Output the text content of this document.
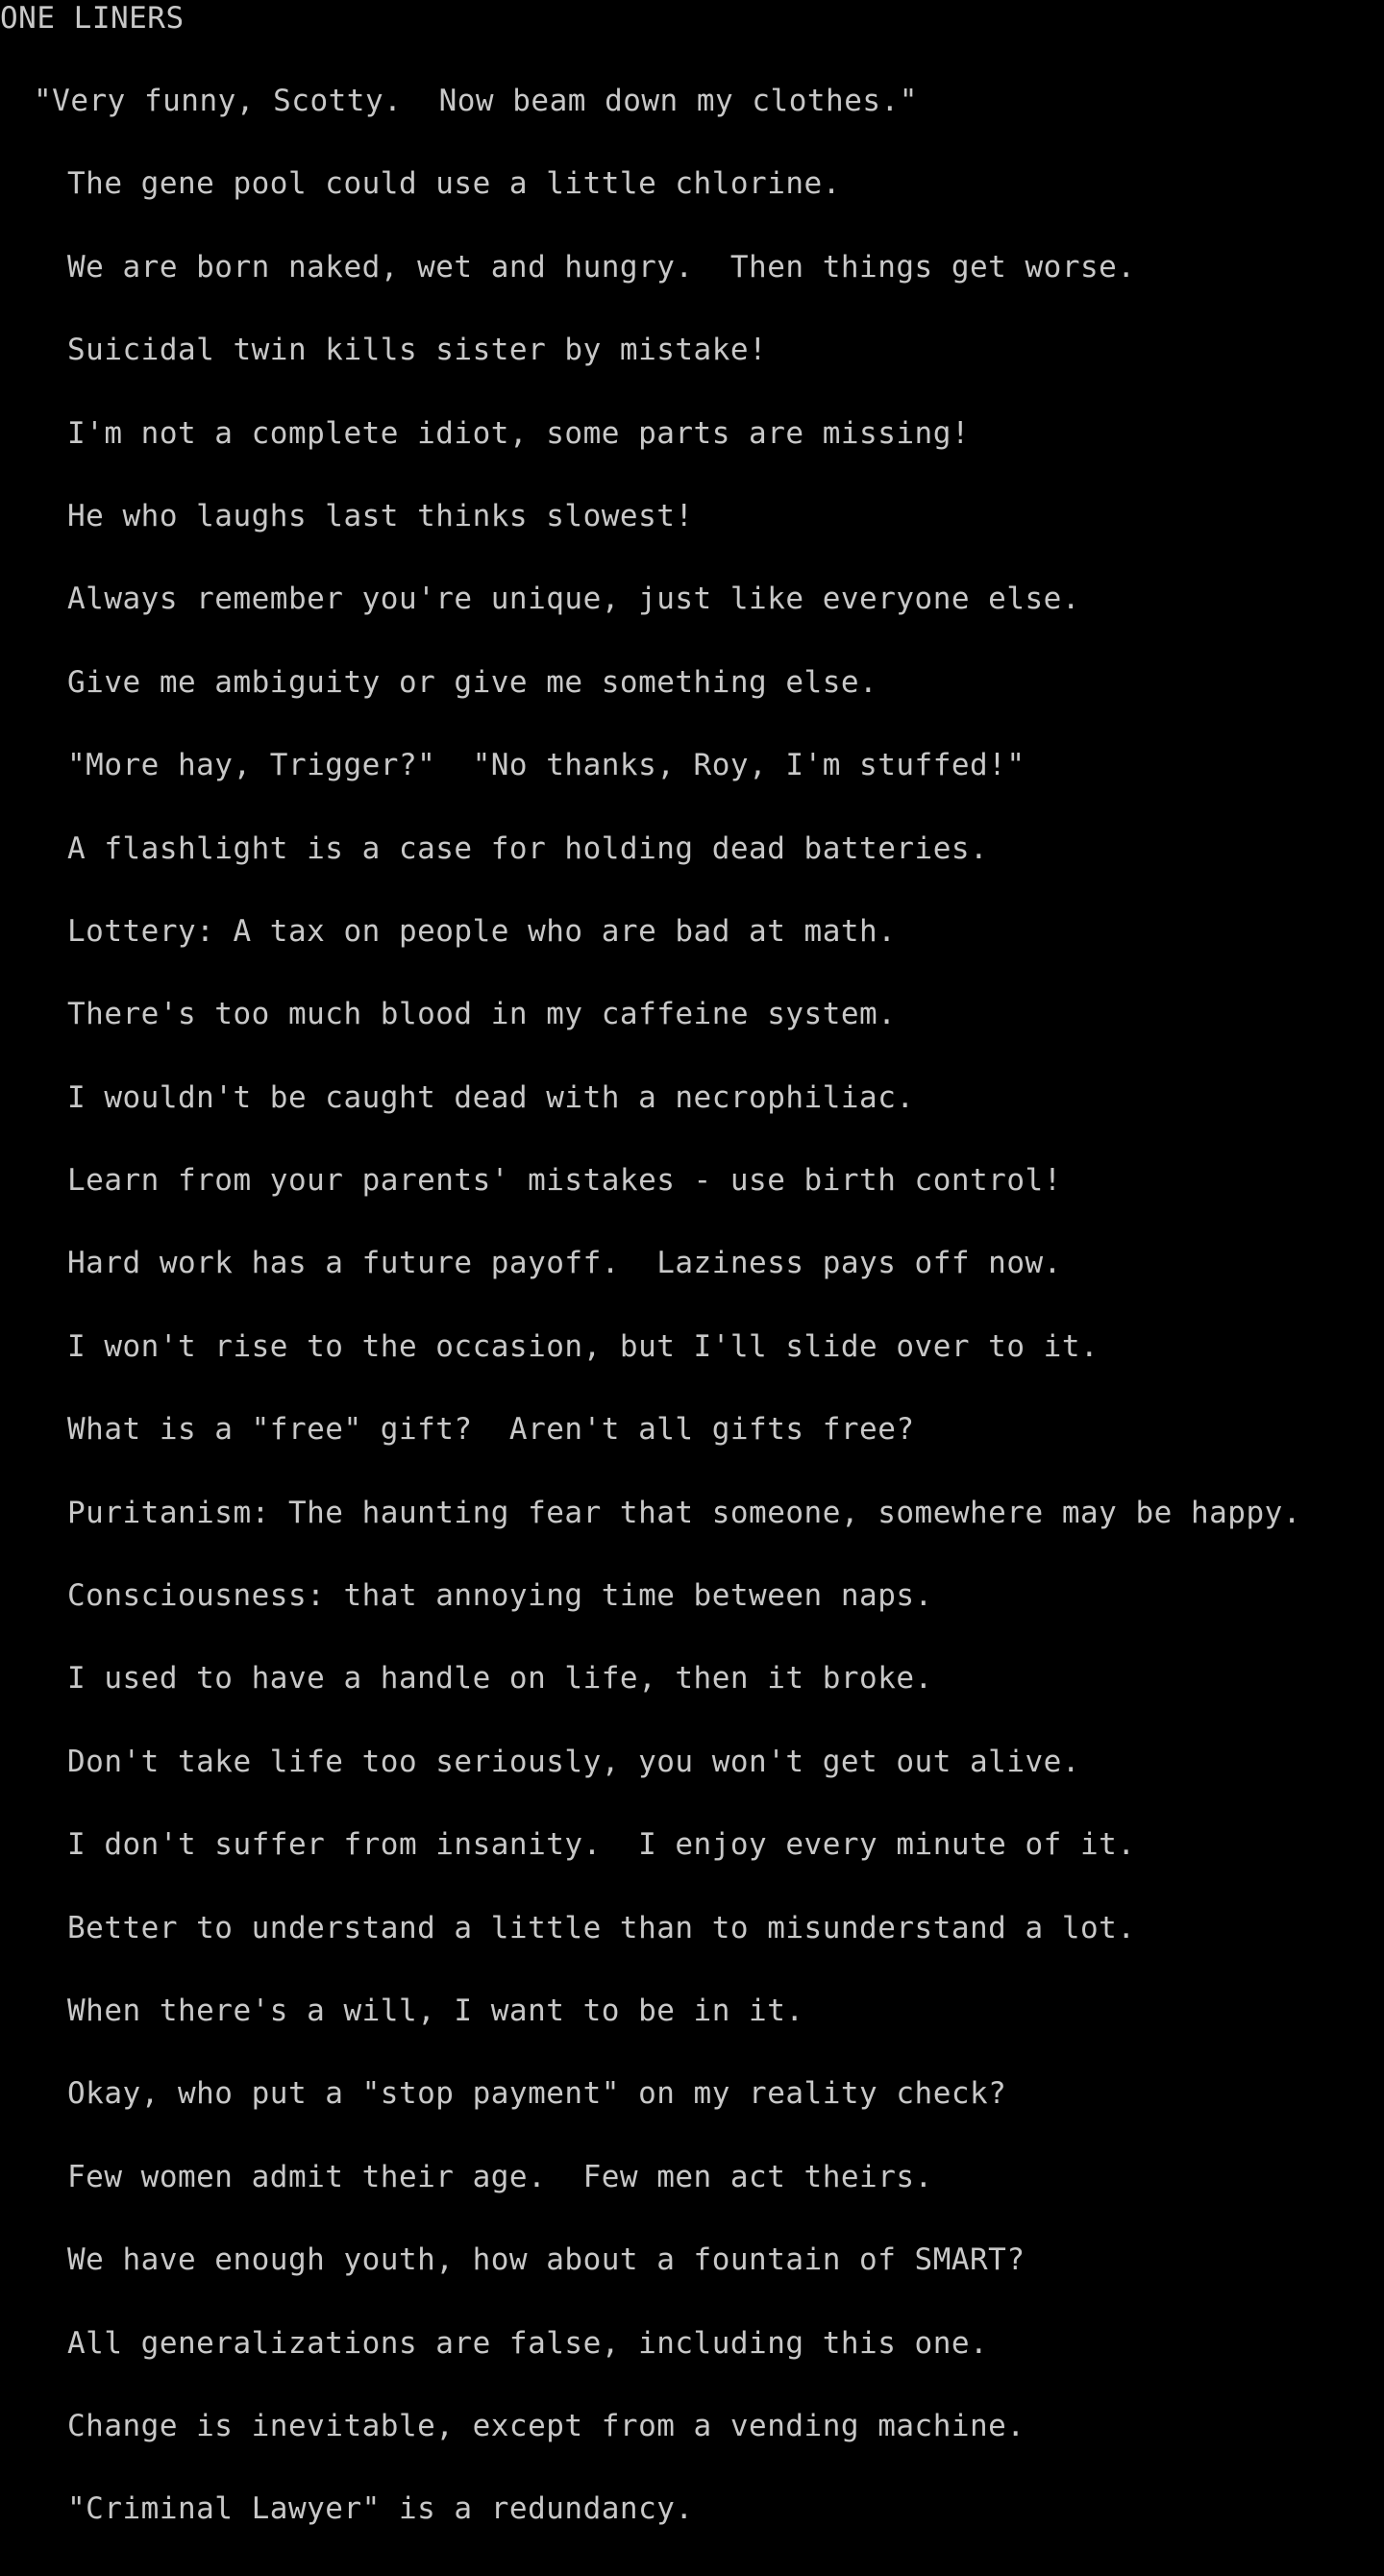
ONE LINERS
"Very funny, Scotty.  Now beam down my clothes."
The gene pool could use a little chlorine.
We are born naked, wet and hungry.  Then things get worse.
Suicidal twin kills sister by mistake!
I'm not a complete idiot, some parts are missing!
He who laughs last thinks slowest!
Always remember you're unique, just like everyone else.
Give me ambiguity or give me something else.
"More hay, Trigger?"  "No thanks, Roy, I'm stuffed!"
A flashlight is a case for holding dead batteries.
Lottery: A tax on people who are bad at math.
There's too much blood in my caffeine system.
I wouldn't be caught dead with a necrophiliac.
Learn from your parents' mistakes - use birth control!
Hard work has a future payoff.  Laziness pays off now.
I won't rise to the occasion, but I'll slide over to it.
What is a "free" gift?  Aren't all gifts free?
Puritanism: The haunting fear that someone, somewhere may be happy.
Consciousness: that annoying time between naps.
I used to have a handle on life, then it broke.
Don't take life too seriously, you won't get out alive.
I don't suffer from insanity.  I enjoy every minute of it.
Better to understand a little than to misunderstand a lot.
When there's a will, I want to be in it.
Okay, who put a "stop payment" on my reality check?
Few women admit their age.  Few men act theirs.
We have enough youth, how about a fountain of SMART?
All generalizations are false, including this one.
Change is inevitable, except from a vending machine.
"Criminal Lawyer" is a redundancy.
